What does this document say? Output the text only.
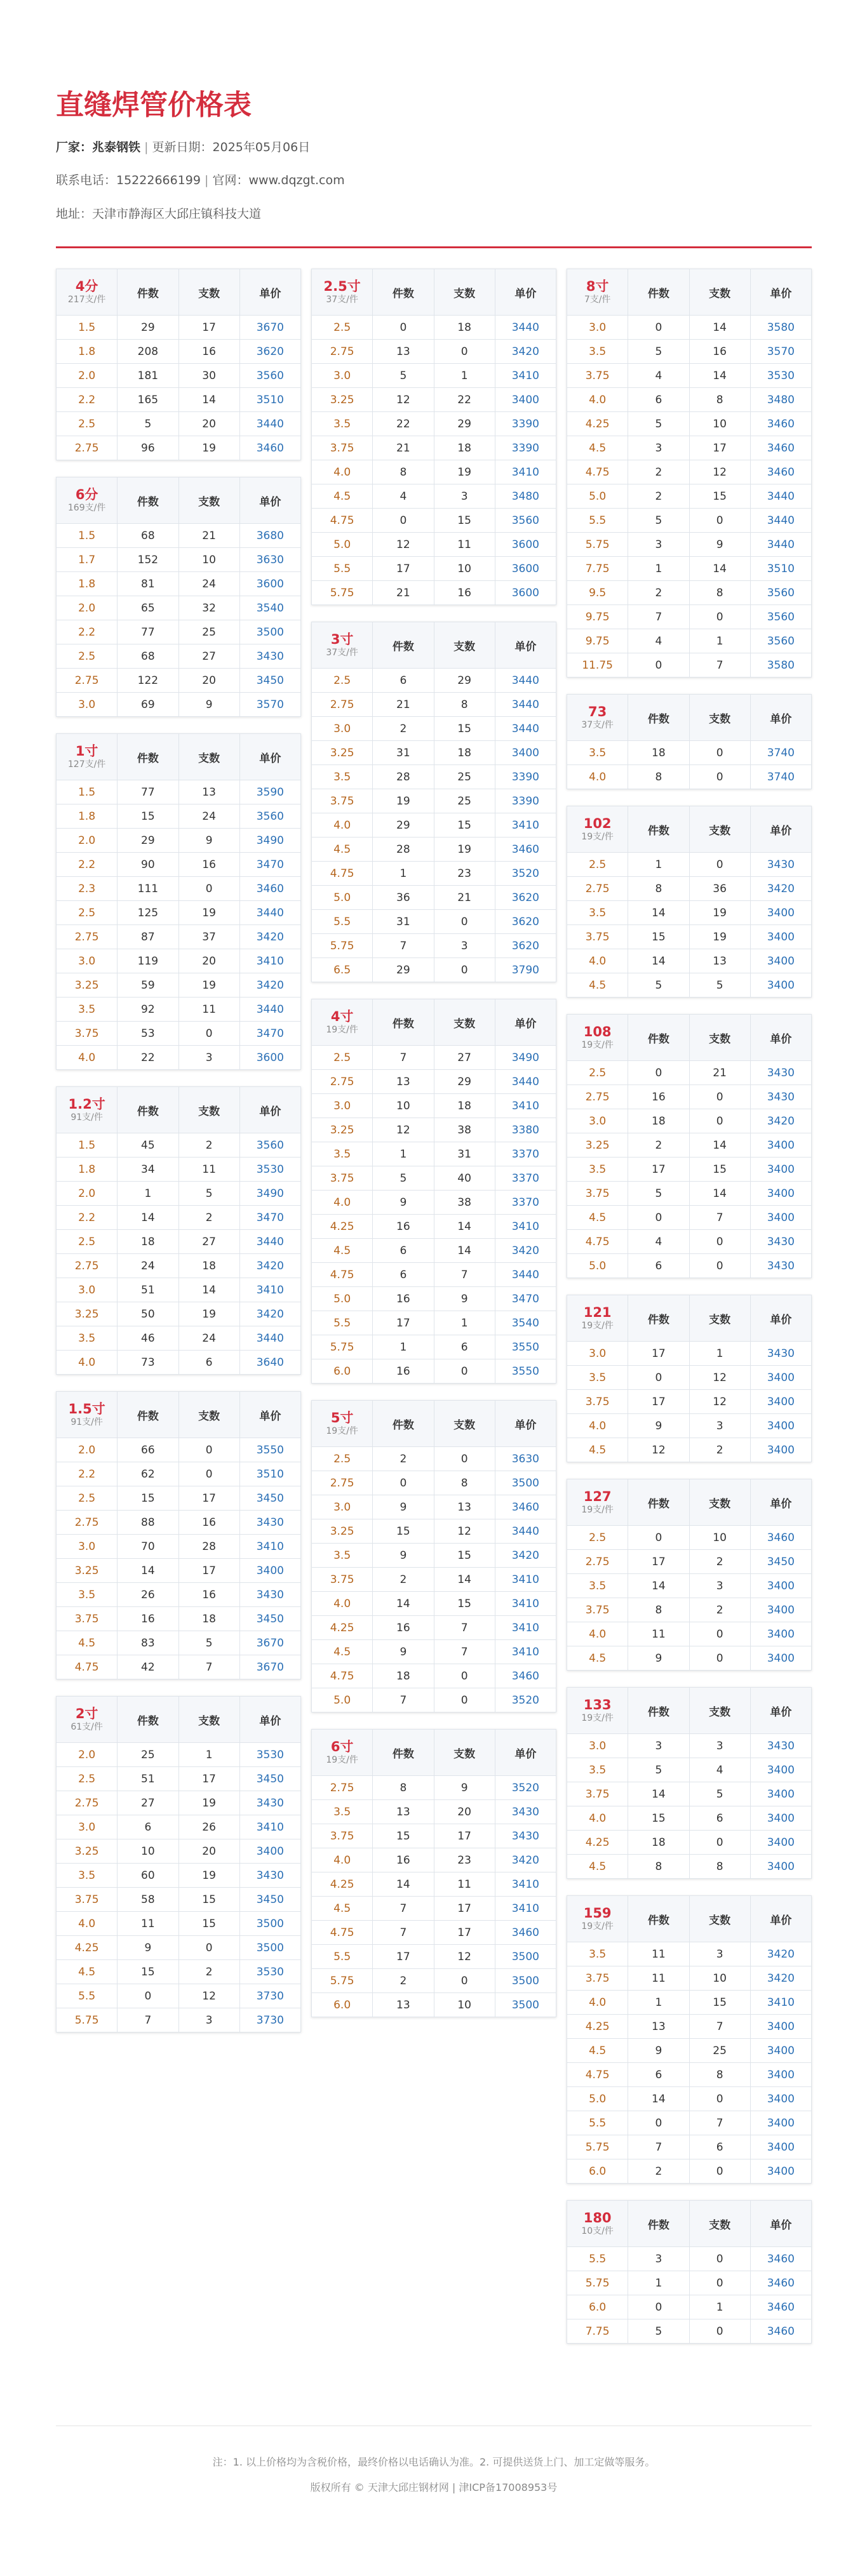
直缝焊管价格表
厂家：兆泰钢铁 | 更新日期：2025年05月06日
联系电话：15222666199 | 官网：www.dqzgt.com
地址：天津市静海区大邱庄镇科技大道
4分
217支/件	件数	支数	单价
1.5	29	17	3670
1.8	208	16	3620
2.0	181	30	3560
2.2	165	14	3510
2.5	5	20	3440
2.75	96	19	3460
6分
169支/件	件数	支数	单价
1.5	68	21	3680
1.7	152	10	3630
1.8	81	24	3600
2.0	65	32	3540
2.2	77	25	3500
2.5	68	27	3430
2.75	122	20	3450
3.0	69	9	3570
1寸
127支/件	件数	支数	单价
1.5	77	13	3590
1.8	15	24	3560
2.0	29	9	3490
2.2	90	16	3470
2.3	111	0	3460
2.5	125	19	3440
2.75	87	37	3420
3.0	119	20	3410
3.25	59	19	3420
3.5	92	11	3440
3.75	53	0	3470
4.0	22	3	3600
1.2寸
91支/件	件数	支数	单价
1.5	45	2	3560
1.8	34	11	3530
2.0	1	5	3490
2.2	14	2	3470
2.5	18	27	3440
2.75	24	18	3420
3.0	51	14	3410
3.25	50	19	3420
3.5	46	24	3440
4.0	73	6	3640
1.5寸
91支/件	件数	支数	单价
2.0	66	0	3550
2.2	62	0	3510
2.5	15	17	3450
2.75	88	16	3430
3.0	70	28	3410
3.25	14	17	3400
3.5	26	16	3430
3.75	16	18	3450
4.5	83	5	3670
4.75	42	7	3670
2寸
61支/件	件数	支数	单价
2.0	25	1	3530
2.5	51	17	3450
2.75	27	19	3430
3.0	6	26	3410
3.25	10	20	3400
3.5	60	19	3430
3.75	58	15	3450
4.0	11	15	3500
4.25	9	0	3500
4.5	15	2	3530
5.5	0	12	3730
5.75	7	3	3730
2.5寸
37支/件	件数	支数	单价
2.5	0	18	3440
2.75	13	0	3420
3.0	5	1	3410
3.25	12	22	3400
3.5	22	29	3390
3.75	21	18	3390
4.0	8	19	3410
4.5	4	3	3480
4.75	0	15	3560
5.0	12	11	3600
5.5	17	10	3600
5.75	21	16	3600
3寸
37支/件	件数	支数	单价
2.5	6	29	3440
2.75	21	8	3440
3.0	2	15	3440
3.25	31	18	3400
3.5	28	25	3390
3.75	19	25	3390
4.0	29	15	3410
4.5	28	19	3460
4.75	1	23	3520
5.0	36	21	3620
5.5	31	0	3620
5.75	7	3	3620
6.5	29	0	3790
4寸
19支/件	件数	支数	单价
2.5	7	27	3490
2.75	13	29	3440
3.0	10	18	3410
3.25	12	38	3380
3.5	1	31	3370
3.75	5	40	3370
4.0	9	38	3370
4.25	16	14	3410
4.5	6	14	3420
4.75	6	7	3440
5.0	16	9	3470
5.5	17	1	3540
5.75	1	6	3550
6.0	16	0	3550
5寸
19支/件	件数	支数	单价
2.5	2	0	3630
2.75	0	8	3500
3.0	9	13	3460
3.25	15	12	3440
3.5	9	15	3420
3.75	2	14	3410
4.0	14	15	3410
4.25	16	7	3410
4.5	9	7	3410
4.75	18	0	3460
5.0	7	0	3520
6寸
19支/件	件数	支数	单价
2.75	8	9	3520
3.5	13	20	3430
3.75	15	17	3430
4.0	16	23	3420
4.25	14	11	3410
4.5	7	17	3410
4.75	7	17	3460
5.5	17	12	3500
5.75	2	0	3500
6.0	13	10	3500
8寸
7支/件	件数	支数	单价
3.0	0	14	3580
3.5	5	16	3570
3.75	4	14	3530
4.0	6	8	3480
4.25	5	10	3460
4.5	3	17	3460
4.75	2	12	3460
5.0	2	15	3440
5.5	5	0	3440
5.75	3	9	3440
7.75	1	14	3510
9.5	2	8	3560
9.75	7	0	3560
9.75	4	1	3560
11.75	0	7	3580
73
37支/件	件数	支数	单价
3.5	18	0	3740
4.0	8	0	3740
102
19支/件	件数	支数	单价
2.5	1	0	3430
2.75	8	36	3420
3.5	14	19	3400
3.75	15	19	3400
4.0	14	13	3400
4.5	5	5	3400
108
19支/件	件数	支数	单价
2.5	0	21	3430
2.75	16	0	3430
3.0	18	0	3420
3.25	2	14	3400
3.5	17	15	3400
3.75	5	14	3400
4.5	0	7	3400
4.75	4	0	3430
5.0	6	0	3430
121
19支/件	件数	支数	单价
3.0	17	1	3430
3.5	0	12	3400
3.75	17	12	3400
4.0	9	3	3400
4.5	12	2	3400
127
19支/件	件数	支数	单价
2.5	0	10	3460
2.75	17	2	3450
3.5	14	3	3400
3.75	8	2	3400
4.0	11	0	3400
4.5	9	0	3400
133
19支/件	件数	支数	单价
3.0	3	3	3430
3.5	5	4	3400
3.75	14	5	3400
4.0	15	6	3400
4.25	18	0	3400
4.5	8	8	3400
159
19支/件	件数	支数	单价
3.5	11	3	3420
3.75	11	10	3420
4.0	1	15	3410
4.25	13	7	3400
4.5	9	25	3400
4.75	6	8	3400
5.0	14	0	3400
5.5	0	7	3400
5.75	7	6	3400
6.0	2	0	3400
180
10支/件	件数	支数	单价
5.5	3	0	3460
5.75	1	0	3460
6.0	0	1	3460
7.75	5	0	3460

注：1. 以上价格均为含税价格，最终价格以电话确认为准。2. 可提供送货上门、加工定做等服务。

版权所有 © 天津大邱庄钢材网 | 津ICP备17008953号
